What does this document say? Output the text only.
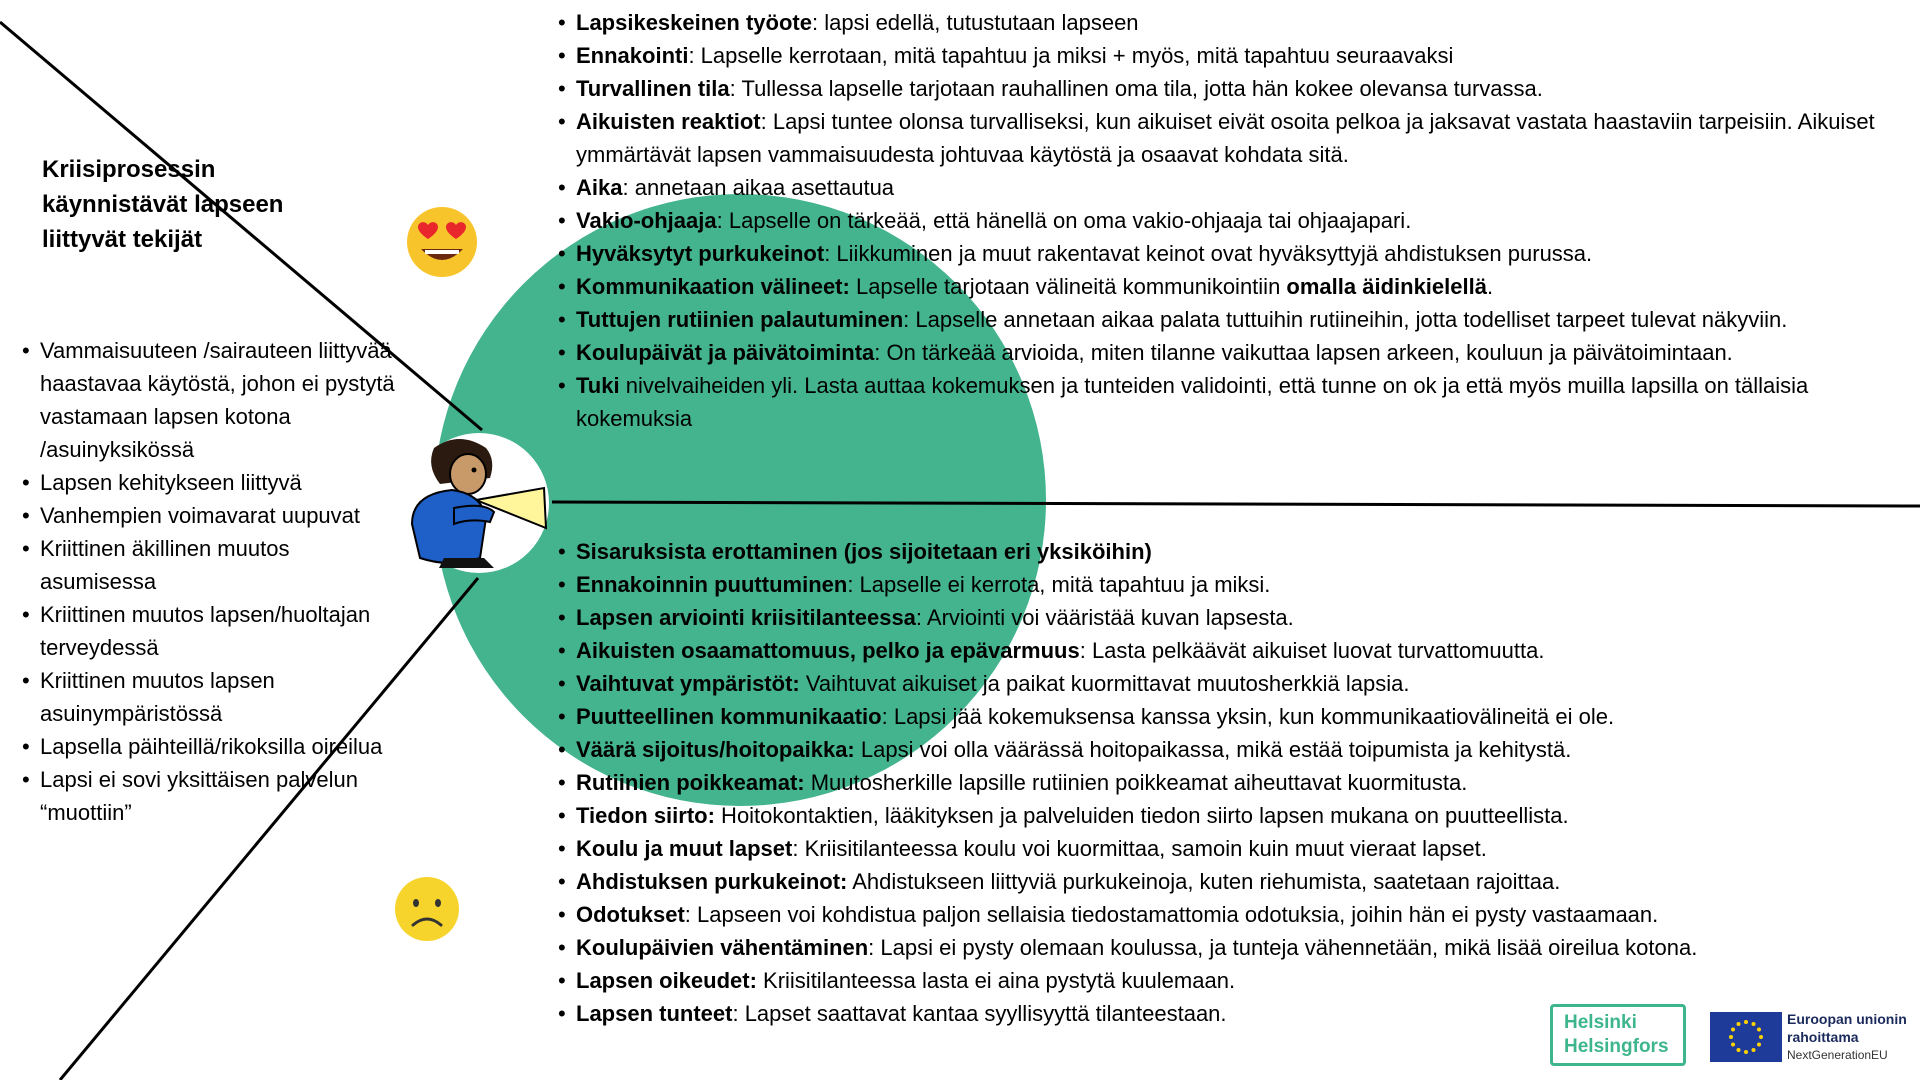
Kriisiprosessin käynnistävät lapseen liittyvät tekijät
• Vammaisuuteen /sairauteen liittyvää haastavaa käytöstä, johon ei pystytä vastamaan lapsen kotona /asuinyksikössä
• Lapsen kehitykseen liittyvä
• Vanhempien voimavarat uupuvat
• Kriittinen äkillinen muutos asumisessa
• Kriittinen muutos lapsen/huoltajan terveydessä
• Kriittinen muutos lapsen asuinympäristössä
• Lapsella päihteillä/rikoksilla oireilua
• Lapsi ei sovi yksittäisen palvelun “muottiin”
• Lapsikeskeinen työote: lapsi edellä, tutustutaan lapseen
• Ennakointi: Lapselle kerrotaan, mitä tapahtuu ja miksi + myös, mitä tapahtuu seuraavaksi
• Turvallinen tila: Tullessa lapselle tarjotaan rauhallinen oma tila, jotta hän kokee olevansa turvassa.
• Aikuisten reaktiot: Lapsi tuntee olonsa turvalliseksi, kun aikuiset eivät osoita pelkoa ja jaksavat vastata haastaviin tarpeisiin. Aikuiset ymmärtävät lapsen vammaisuudesta johtuvaa käytöstä ja osaavat kohdata sitä.
• Aika: annetaan aikaa asettautua
• Vakio-ohjaaja: Lapselle on tärkeää, että hänellä on oma vakio-ohjaaja tai ohjaajapari.
• Hyväksytyt purkukeinot: Liikkuminen ja muut rakentavat keinot ovat hyväksyttyjä ahdistuksen purussa.
• Kommunikaation välineet: Lapselle tarjotaan välineitä kommunikointiin omalla äidinkielellä.
• Tuttujen rutiinien palautuminen: Lapselle annetaan aikaa palata tuttuihin rutiineihin, jotta todelliset tarpeet tulevat näkyviin.
• Koulupäivät ja päivätoiminta: On tärkeää arvioida, miten tilanne vaikuttaa lapsen arkeen, kouluun ja päivätoimintaan.
• Tuki nivelvaiheiden yli. Lasta auttaa kokemuksen ja tunteiden validointi, että tunne on ok ja että myös muilla lapsilla on tällaisia kokemuksia
• Sisaruksista erottaminen (jos sijoitetaan eri yksiköihin)
• Ennakoinnin puuttuminen: Lapselle ei kerrota, mitä tapahtuu ja miksi.
• Lapsen arviointi kriisitilanteessa: Arviointi voi vääristää kuvan lapsesta.
• Aikuisten osaamattomuus, pelko ja epävarmuus: Lasta pelkäävät aikuiset luovat turvattomuutta.
• Vaihtuvat ympäristöt: Vaihtuvat aikuiset ja paikat kuormittavat muutosherkkiä lapsia.
• Puutteellinen kommunikaatio: Lapsi jää kokemuksensa kanssa yksin, kun kommunikaatiovälineitä ei ole.
• Väärä sijoitus/hoitopaikka: Lapsi voi olla väärässä hoitopaikassa, mikä estää toipumista ja kehitystä.
• Rutiinien poikkeamat: Muutosherkille lapsille rutiinien poikkeamat aiheuttavat kuormitusta.
• Tiedon siirto: Hoitokontaktien, lääkityksen ja palveluiden tiedon siirto lapsen mukana on puutteellista.
• Koulu ja muut lapset: Kriisitilanteessa koulu voi kuormittaa, samoin kuin muut vieraat lapset.
• Ahdistuksen purkukeinot: Ahdistukseen liittyviä purkukeinoja, kuten riehumista, saatetaan rajoittaa.
• Odotukset: Lapseen voi kohdistua paljon sellaisia tiedostamattomia odotuksia, joihin hän ei pysty vastaamaan.
• Koulupäivien vähentäminen: Lapsi ei pysty olemaan koulussa, ja tunteja vähennetään, mikä lisää oireilua kotona.
• Lapsen oikeudet: Kriisitilanteessa lasta ei aina pystytä kuulemaan.
• Lapsen tunteet: Lapset saattavat kantaa syyllisyyttä tilanteestaan.	Helsinki
Helsingfors
Euroopan unionin
rahoittama
NextGenerationEU
